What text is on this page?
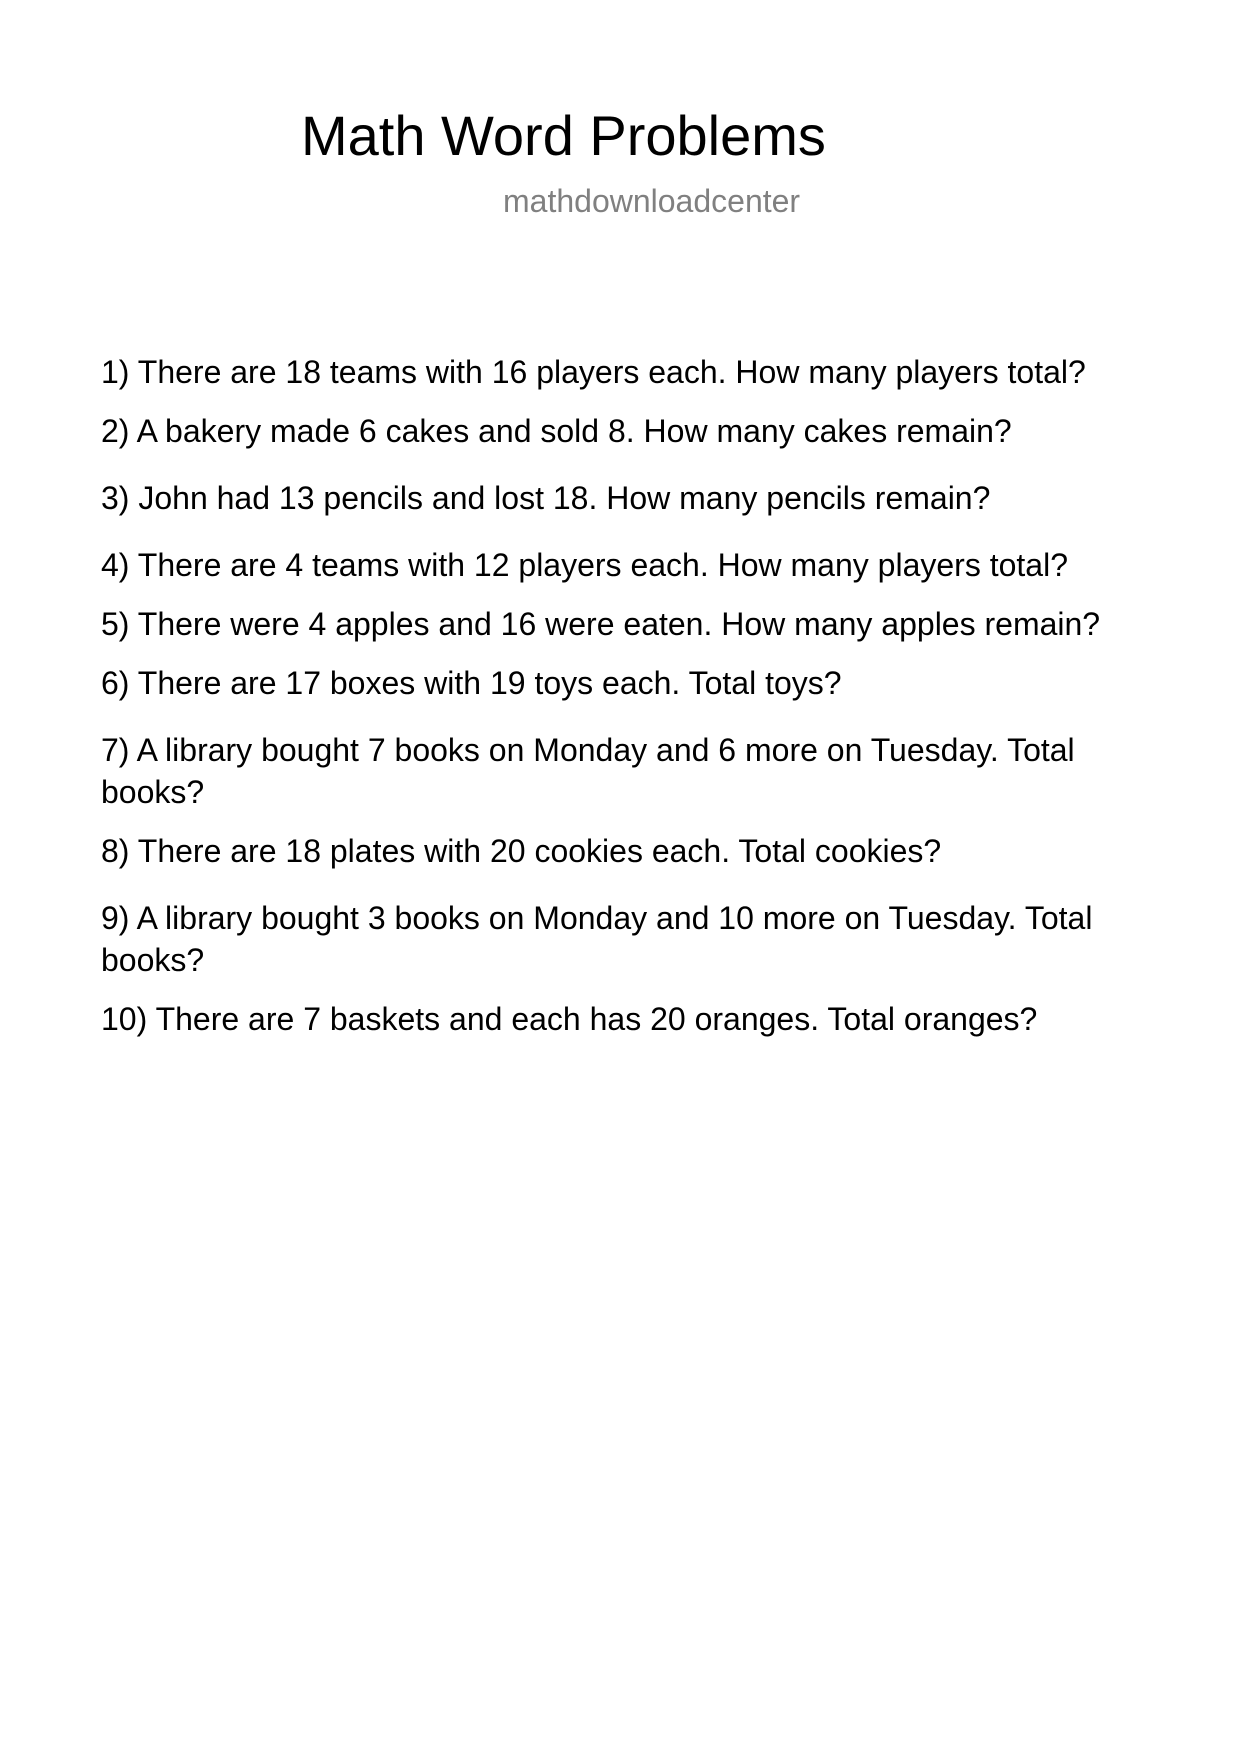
Math Word Problems
mathdownloadcenter
1) There are 18 teams with 16 players each. How many players total?
2) A bakery made 6 cakes and sold 8. How many cakes remain?
3) John had 13 pencils and lost 18. How many pencils remain?
4) There are 4 teams with 12 players each. How many players total?
5) There were 4 apples and 16 were eaten. How many apples remain?
6) There are 17 boxes with 19 toys each. Total toys?
7) A library bought 7 books on Monday and 6 more on Tuesday. Total books?
8) There are 18 plates with 20 cookies each. Total cookies?
9) A library bought 3 books on Monday and 10 more on Tuesday. Total books?
10) There are 7 baskets and each has 20 oranges. Total oranges?
